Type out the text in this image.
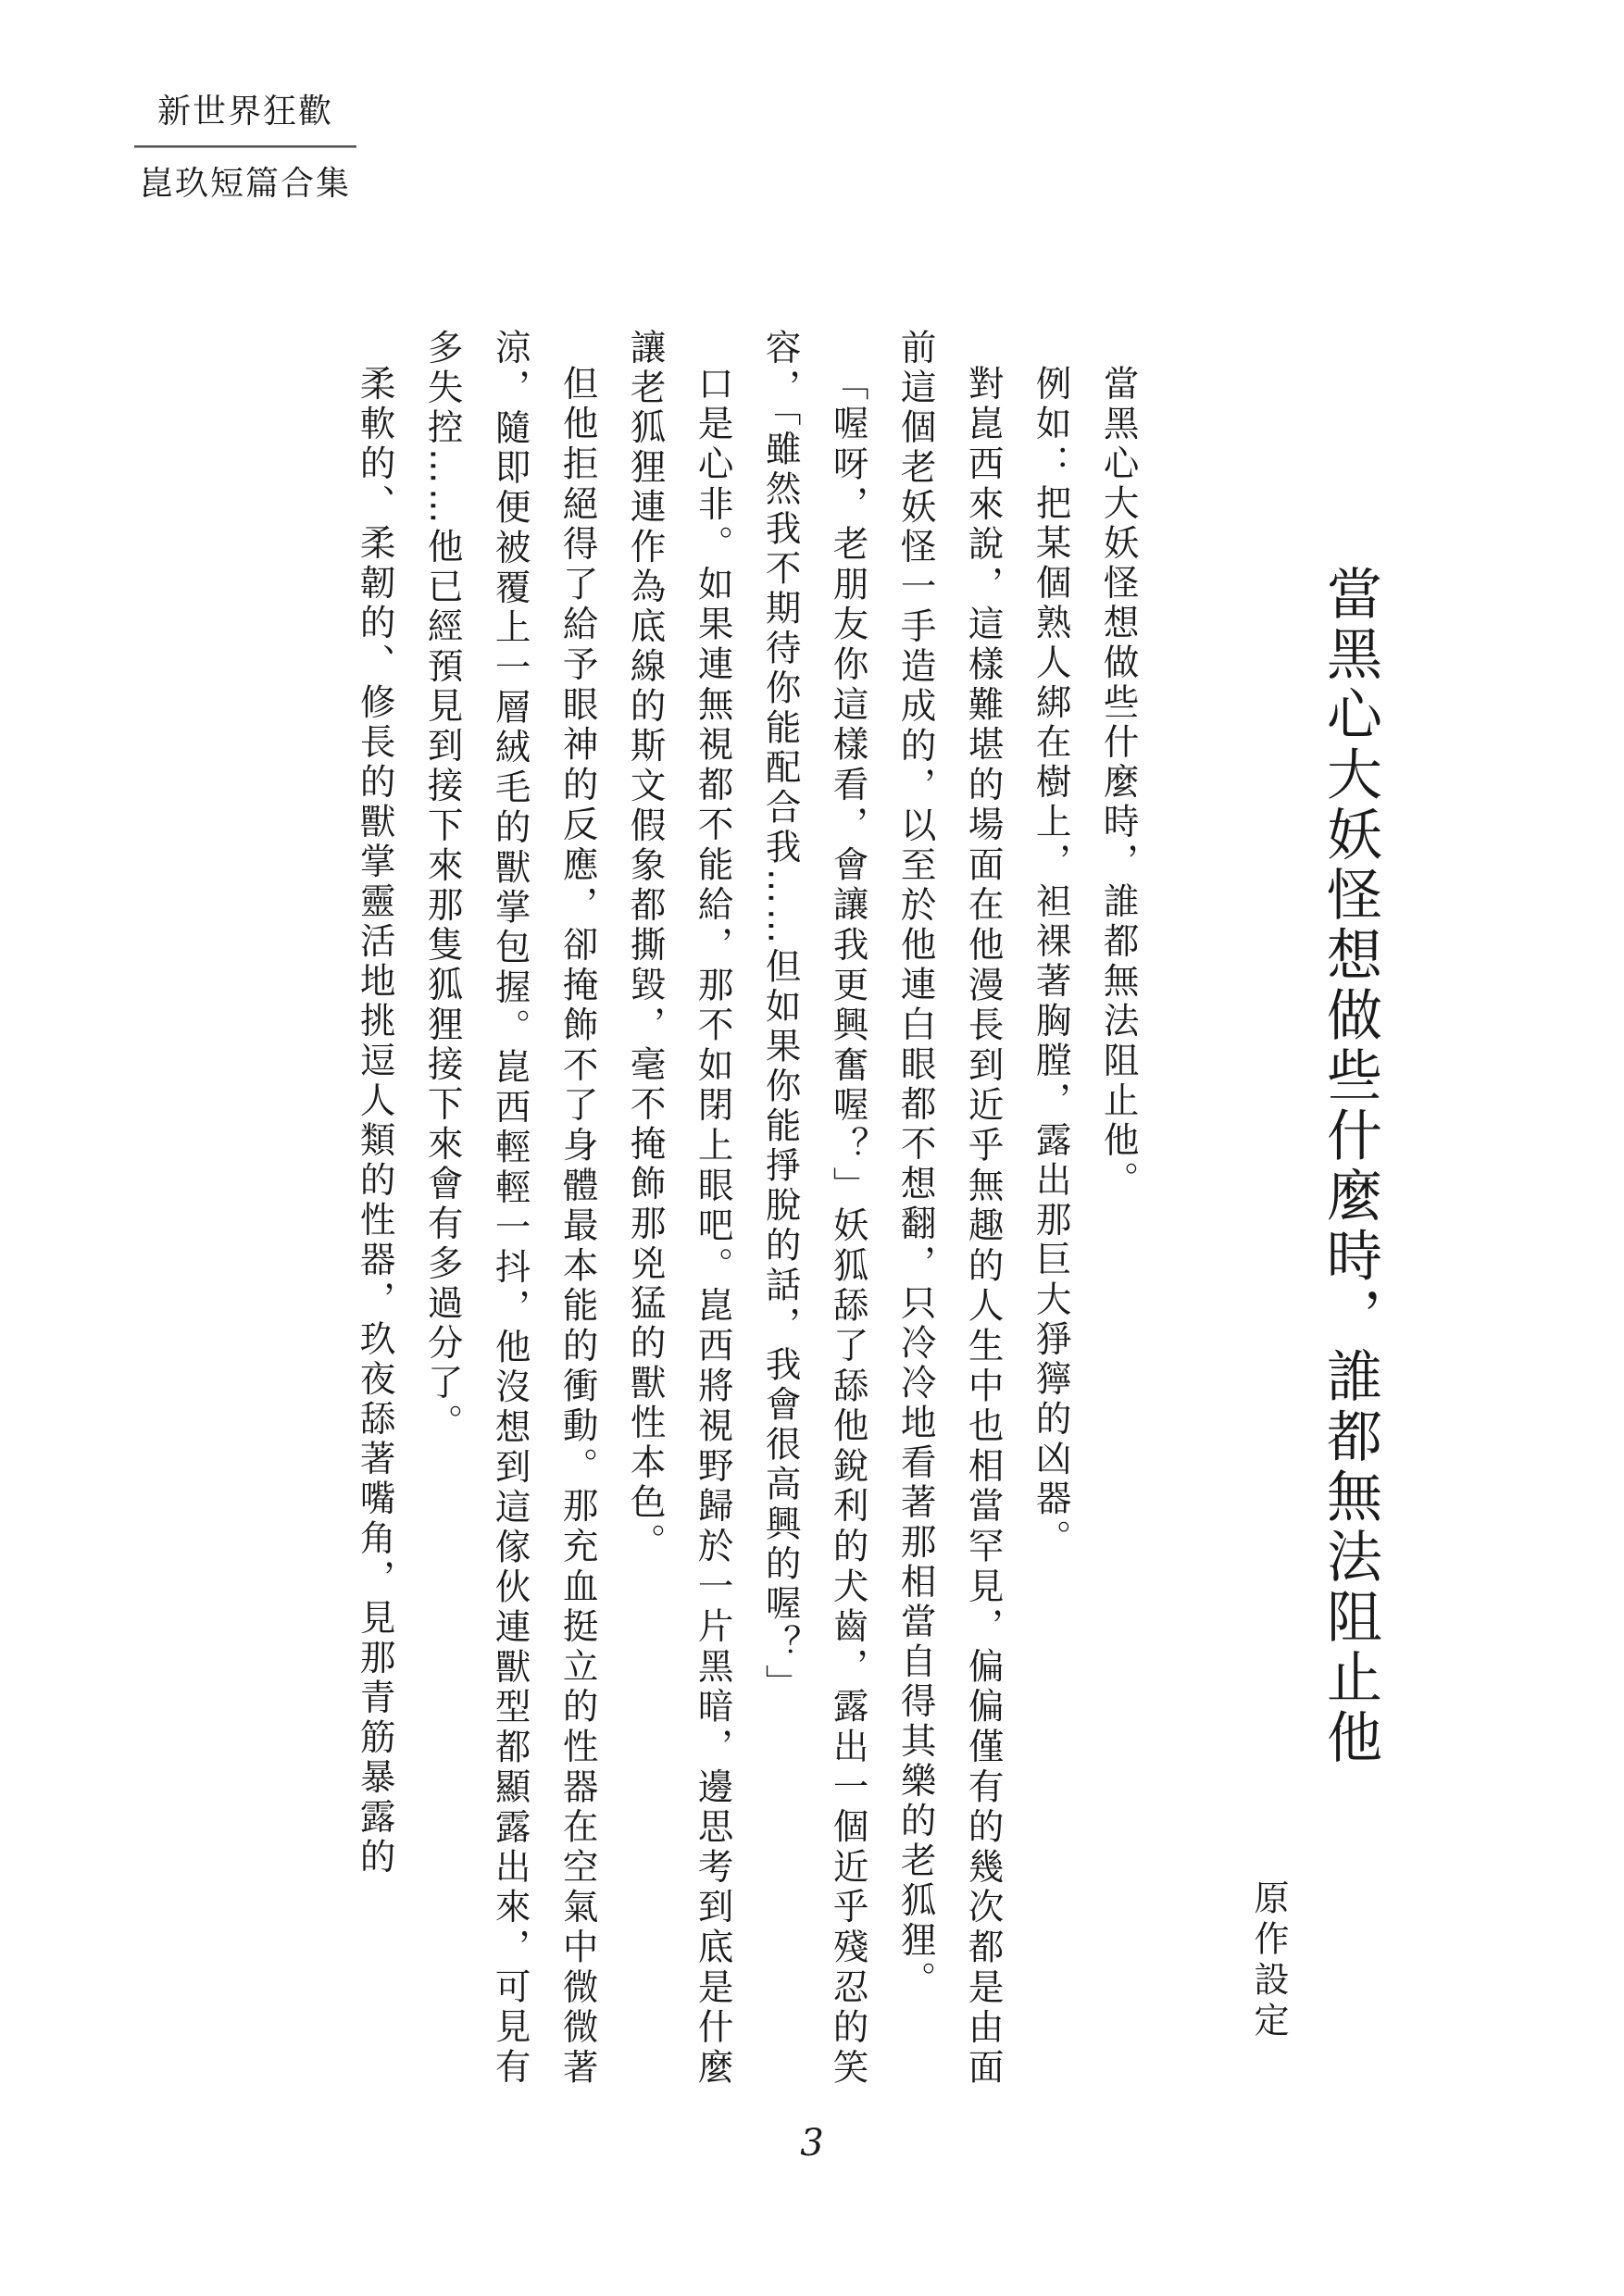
新世界狂歡
崑玖短篇合集
當黑心大妖怪想做些什麼時，誰都無法阻止他
原作設定

當黑心大妖怪想做些什麼時，誰都無法阻止他。

例如：把某個熟人綁在樹上，袒裸著胸膛，露出那巨大猙獰的凶器。

對崑西來說，這樣難堪的場面在他漫長到近乎無趣的人生中也相當罕見，偏偏僅有的幾次都是由面前這個老妖怪一手造成的，以至於他連白眼都不想翻，只冷冷地看著那相當自得其樂的老狐狸。

「喔呀，老朋友你這樣看，會讓我更興奮喔？」妖狐舔了舔他銳利的犬齒，露出一個近乎殘忍的笑容，「雖然我不期待你能配合我……但如果你能掙脫的話，我會很高興的喔？」

口是心非。如果連無視都不能給，那不如閉上眼吧。崑西將視野歸於一片黑暗，邊思考到底是什麼讓老狐狸連作為底線的斯文假象都撕毀，毫不掩飾那兇猛的獸性本色。

但他拒絕得了給予眼神的反應，卻掩飾不了身體最本能的衝動。那充血挺立的性器在空氣中微微著涼，隨即便被覆上一層絨毛的獸掌包握。崑西輕輕一抖，他沒想到這傢伙連獸型都顯露出來，可見有多失控……他已經預見到接下來那隻狐狸接下來會有多過分了。

柔軟的、柔韌的、修長的獸掌靈活地挑逗人類的性器，玖夜舔著嘴角，見那青筋暴露的

3
